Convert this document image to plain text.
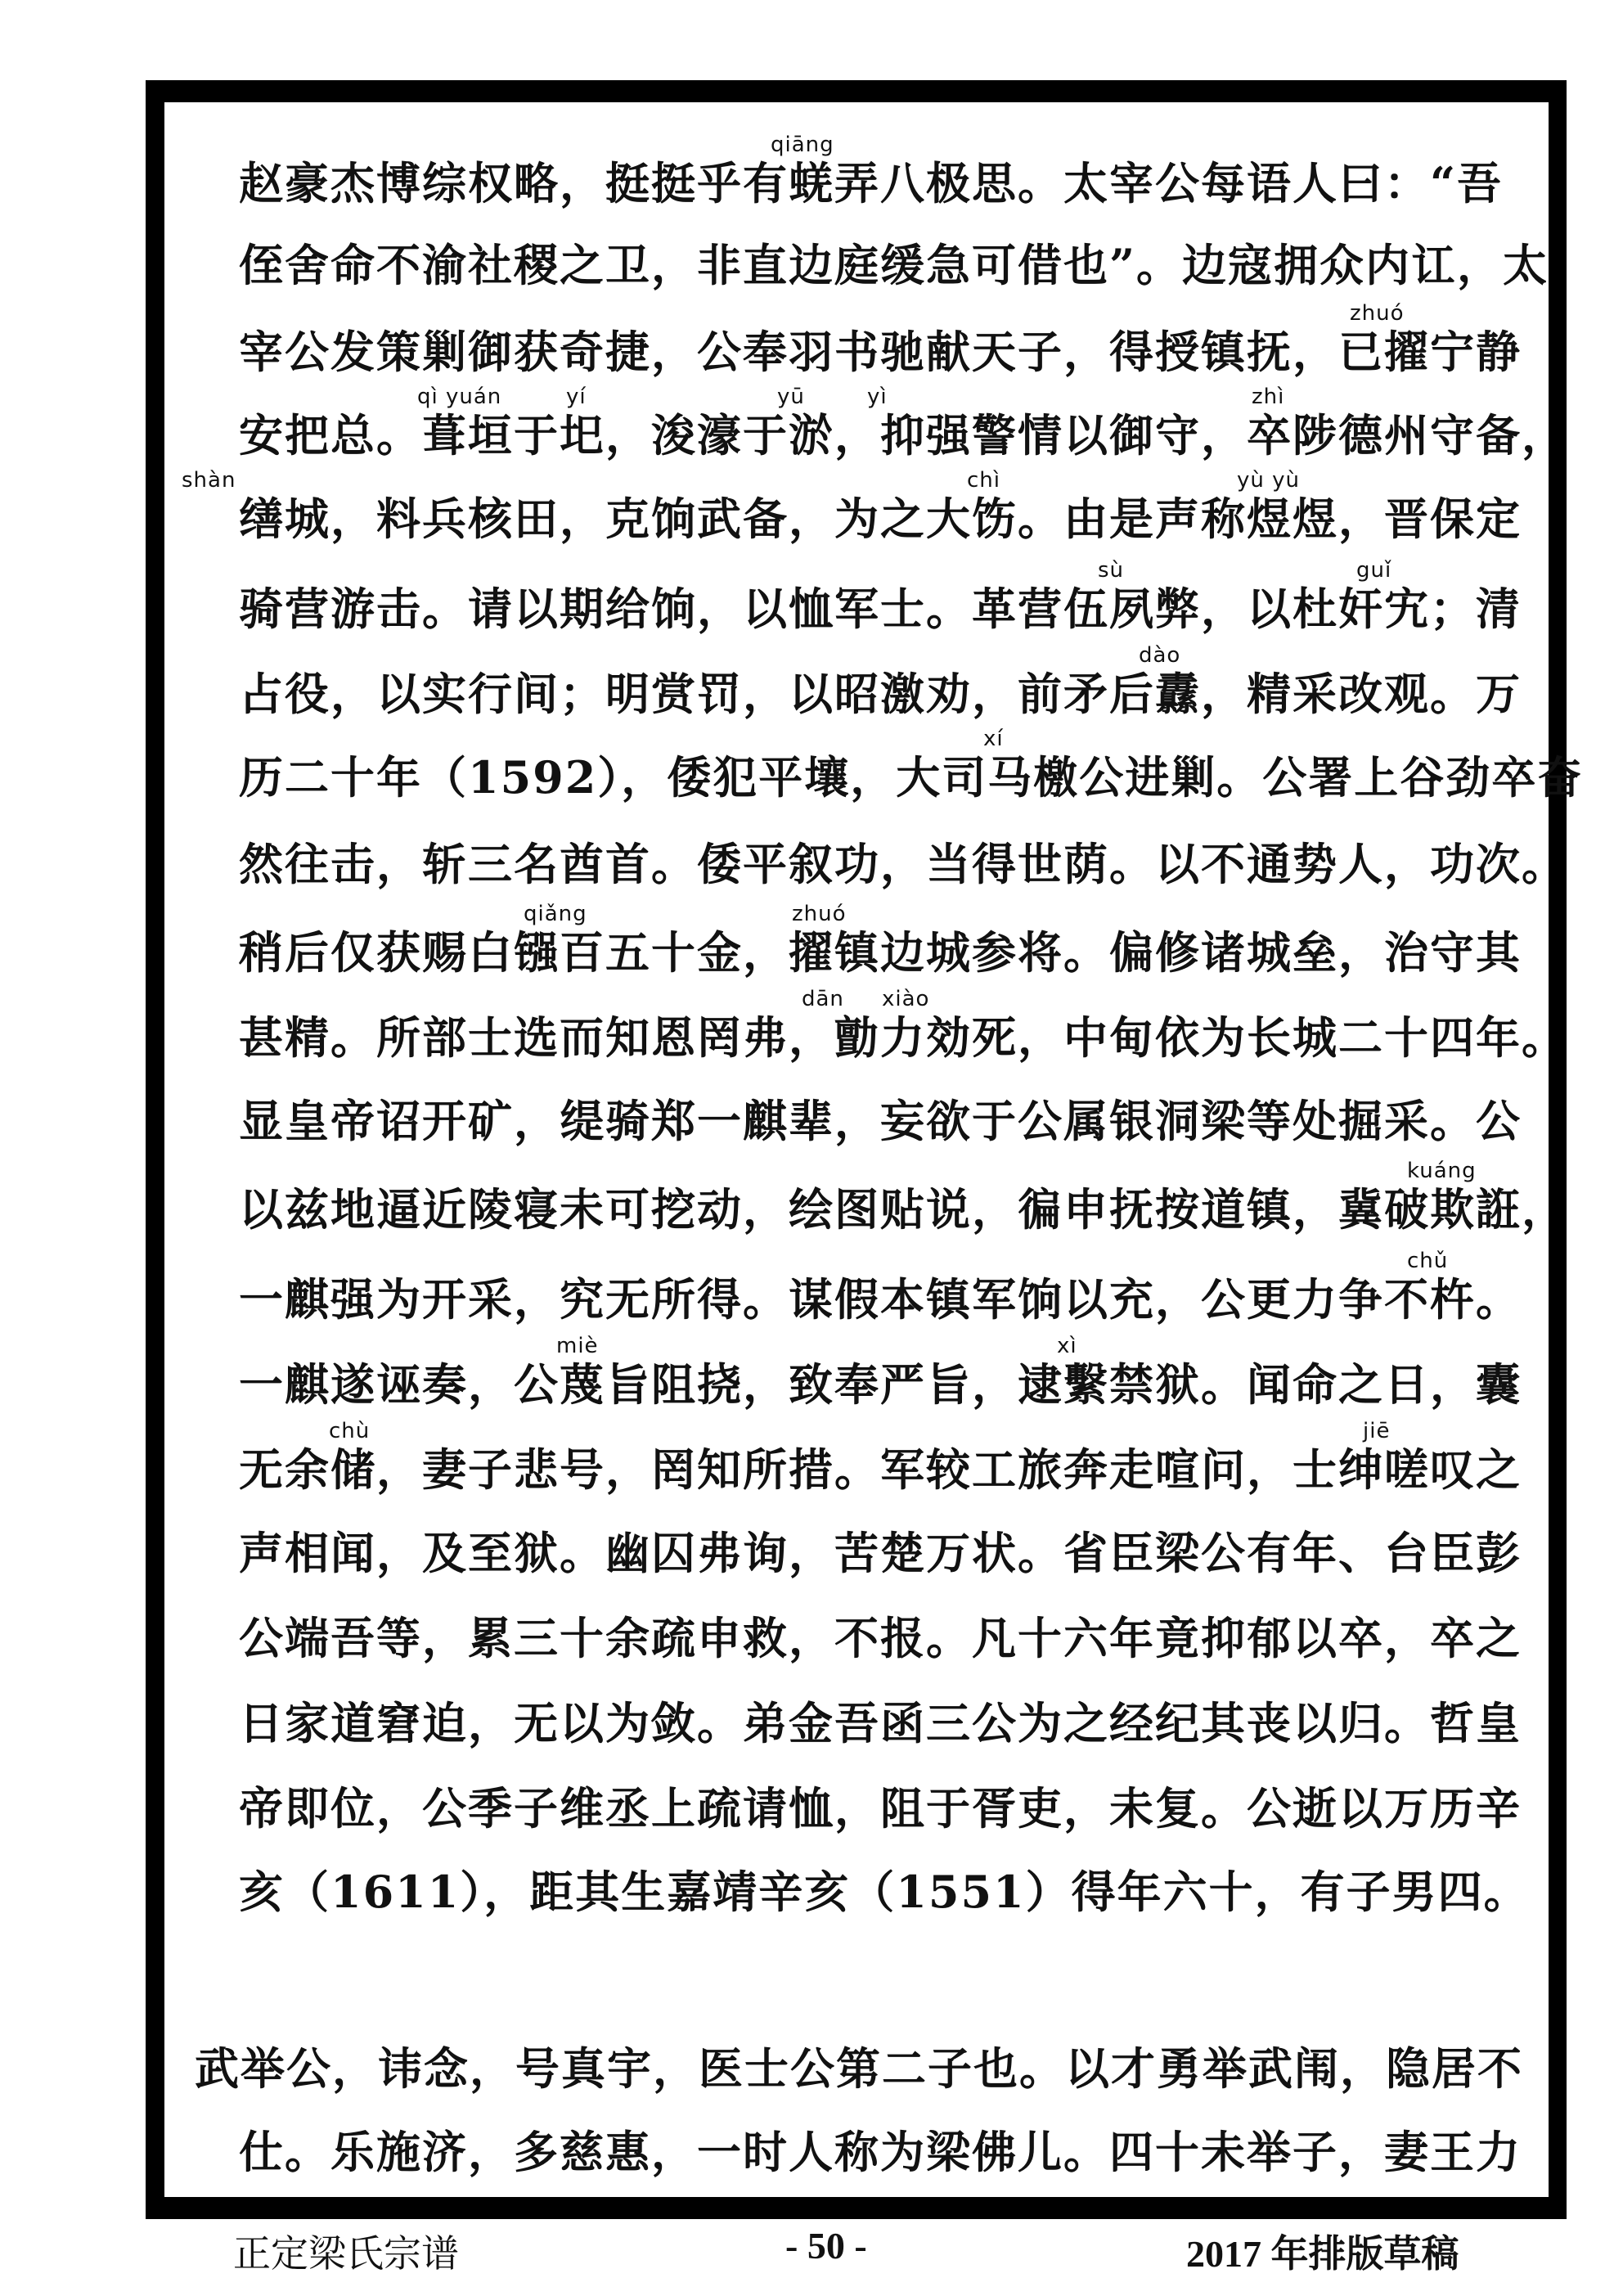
qiāng
zhuó
qì yuán	yí	yū	yì	zhì
shàn	chì	yù yù
sù	guǐ
dào
xí
qiǎng	zhuó
dān xiào
kuáng
chǔ
miè	xì
chù	jiē
赵豪杰博综权略，挺挺乎有蜣弄八极思。太宰公每语人曰：“吾
侄舍命不渝社稷之卫，非直边庭缓急可借也”。边寇拥众内讧，太
宰公发策剿御获奇捷，公奉羽书驰献天子，得授镇抚，已擢宁静
安把总。葺垣于圯，浚濠于淤，抑强警情以御守，卒陟德州守备，
缮城，料兵核田，克饷武备，为之大饬。由是声称煜煜，晋保定
骑营游击。请以期给饷，以恤军士。革营伍夙弊，以杜奸宄；清
占役，以实行间；明赏罚，以昭激劝，前矛后纛，精采改观。万
历二十年（1592），倭犯平壤，大司马檄公进剿。公署上谷劲卒奋
然往击，斩三名酋首。倭平叙功，当得世荫。以不通势人，功次。
稍后仅获赐白镪百五十金，擢镇边城参将。偏修诸城垒，治守其
甚精。所部士选而知恩罔弗，勯力効死，中甸依为长城二十四年。
显皇帝诏开矿，缇骑郑一麒辈，妄欲于公属银洞梁等处掘采。公
以兹地逼近陵寝未可挖动，绘图贴说，徧申抚按道镇，冀破欺誑，
一麒强为开采，究无所得。谋假本镇军饷以充，公更力争不杵。
一麒遂诬奏，公蔑旨阻挠，致奉严旨，逮繫禁狱。闻命之日，囊
无余储，妻子悲号，罔知所措。军较工旅奔走喧问，士绅嗟叹之
声相闻，及至狱。幽囚弗询，苦楚万状。省臣梁公有年、台臣彭
公端吾等，累三十余疏申救，不报。凡十六年竟抑郁以卒，卒之
日家道窘迫，无以为敛。弟金吾函三公为之经纪其丧以归。哲皇
帝即位，公季子维丞上疏请恤，阻于胥吏，未复。公逝以万历辛
亥（1611），距其生嘉靖辛亥（1551）得年六十，有子男四。
武举公，讳念，号真宇，医士公第二子也。以才勇举武闱，隐居不
仕。乐施济，多慈惠，一时人称为梁佛儿。四十未举子，妻王力
正定梁氏宗谱	- 50 -	2017 年排版草稿
